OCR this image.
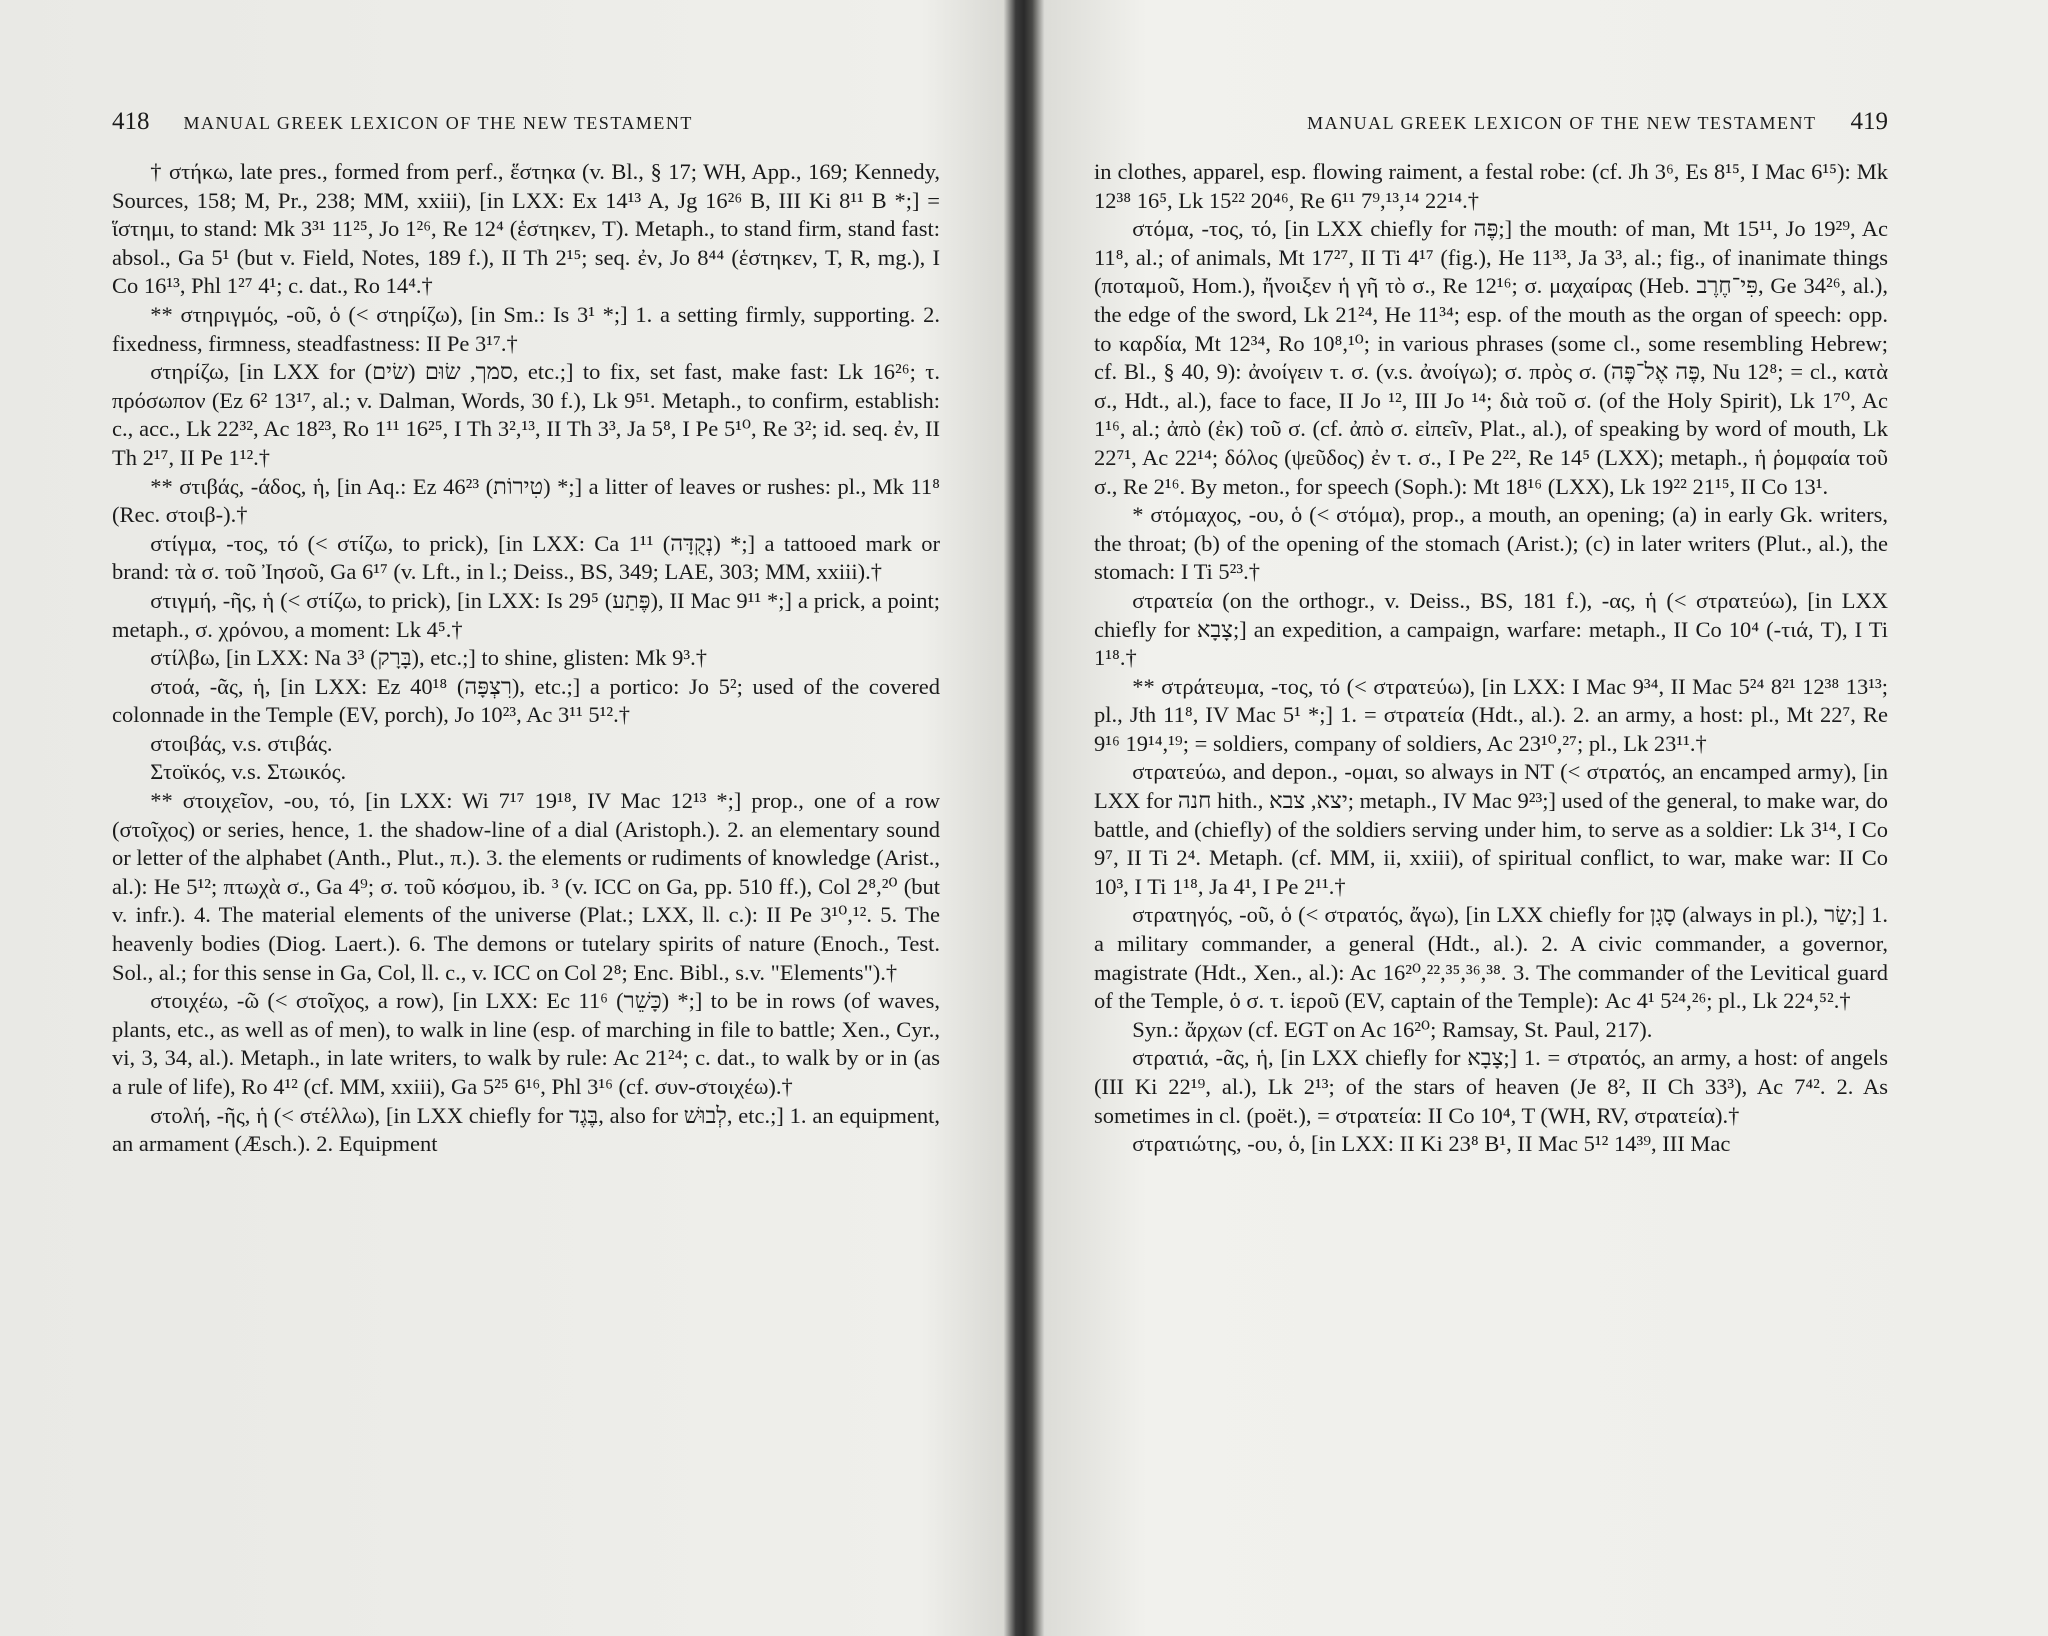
418 MANUAL GREEK LEXICON OF THE NEW TESTAMENT

† στήκω, late pres., formed from perf., ἕστηκα (v. Bl., § 17; WH, App., 169; Kennedy, Sources, 158; M, Pr., 238; MM, xxiii), [in LXX: Ex 14¹³ A, Jg 16²⁶ B, III Ki 8¹¹ B *;] = ἵστημι, to stand: Mk 3³¹ 11²⁵, Jo 1²⁶, Re 12⁴ (ἑστηκεν, T). Metaph., to stand firm, stand fast: absol., Ga 5¹ (but v. Field, Notes, 189 f.), II Th 2¹⁵; seq. ἐν, Jo 8⁴⁴ (ἑστηκεν, T, R, mg.), I Co 16¹³, Phl 1²⁷ 4¹; c. dat., Ro 14⁴.†

** στηριγμός, -οῦ, ὁ (< στηρίζω), [in Sm.: Is 3¹ *;] 1. a setting firmly, supporting. 2. fixedness, firmness, steadfastness: II Pe 3¹⁷.†

στηρίζω, [in LXX for סמך, שׂוּם (שׂים), etc.;] to fix, set fast, make fast: Lk 16²⁶; τ. πρόσωπον (Ez 6² 13¹⁷, al.; v. Dalman, Words, 30 f.), Lk 9⁵¹. Metaph., to confirm, establish: c., acc., Lk 22³², Ac 18²³, Ro 1¹¹ 16²⁵, I Th 3²,¹³, II Th 3³, Ja 5⁸, I Pe 5¹⁰, Re 3²; id. seq. ἐν, II Th 2¹⁷, II Pe 1¹².†

** στιβάς, -άδος, ἡ, [in Aq.: Ez 46²³ (טִירוֹת) *;] a litter of leaves or rushes: pl., Mk 11⁸ (Rec. στοιβ-).†

στίγμα, -τος, τό (< στίζω, to prick), [in LXX: Ca 1¹¹ (נְקֻדָּה) *;] a tattooed mark or brand: τὰ σ. τοῦ Ἰησοῦ, Ga 6¹⁷ (v. Lft., in l.; Deiss., BS, 349; LAE, 303; MM, xxiii).†

στιγμή, -ῆς, ἡ (< στίζω, to prick), [in LXX: Is 29⁵ (פֶּתַע), II Mac 9¹¹ *;] a prick, a point; metaph., σ. χρόνου, a moment: Lk 4⁵.†

στίλβω, [in LXX: Na 3³ (בָּרָק), etc.;] to shine, glisten: Mk 9³.†

στοά, -ᾶς, ἡ, [in LXX: Ez 40¹⁸ (רִצְפָּה), etc.;] a portico: Jo 5²; used of the covered colonnade in the Temple (EV, porch), Jo 10²³, Ac 3¹¹ 5¹².†

στοιβάς, v.s. στιβάς.

Στοϊκός, v.s. Στωικός.

** στοιχεῖον, -ου, τό, [in LXX: Wi 7¹⁷ 19¹⁸, IV Mac 12¹³ *;] prop., one of a row (στοῖχος) or series, hence, 1. the shadow-line of a dial (Aristoph.). 2. an elementary sound or letter of the alphabet (Anth., Plut., π.). 3. the elements or rudiments of knowledge (Arist., al.): He 5¹²; πτωχὰ σ., Ga 4⁹; σ. τοῦ κόσμου, ib. ³ (v. ICC on Ga, pp. 510 ff.), Col 2⁸,²⁰ (but v. infr.). 4. The material elements of the universe (Plat.; LXX, ll. c.): II Pe 3¹⁰,¹². 5. The heavenly bodies (Diog. Laert.). 6. The demons or tutelary spirits of nature (Enoch., Test. Sol., al.; for this sense in Ga, Col, ll. c., v. ICC on Col 2⁸; Enc. Bibl., s.v. "Elements").†

στοιχέω, -ῶ (< στοῖχος, a row), [in LXX: Ec 11⁶ (כָּשֵׁר) *;] to be in rows (of waves, plants, etc., as well as of men), to walk in line (esp. of marching in file to battle; Xen., Cyr., vi, 3, 34, al.). Metaph., in late writers, to walk by rule: Ac 21²⁴; c. dat., to walk by or in (as a rule of life), Ro 4¹² (cf. MM, xxiii), Ga 5²⁵ 6¹⁶, Phl 3¹⁶ (cf. συν-στοιχέω).†

στολή, -ῆς, ἡ (< στέλλω), [in LXX chiefly for בֶּגֶד, also for לְבוּשׁ, etc.;] 1. an equipment, an armament (Æsch.). 2. Equipment

MANUAL GREEK LEXICON OF THE NEW TESTAMENT 419

in clothes, apparel, esp. flowing raiment, a festal robe: (cf. Jh 3⁶, Es 8¹⁵, I Mac 6¹⁵): Mk 12³⁸ 16⁵, Lk 15²² 20⁴⁶, Re 6¹¹ 7⁹,¹³,¹⁴ 22¹⁴.†

στόμα, -τος, τό, [in LXX chiefly for פֶּה;] the mouth: of man, Mt 15¹¹, Jo 19²⁹, Ac 11⁸, al.; of animals, Mt 17²⁷, II Ti 4¹⁷ (fig.), He 11³³, Ja 3³, al.; fig., of inanimate things (ποταμοῦ, Hom.), ἤνοιξεν ἡ γῆ τὸ σ., Re 12¹⁶; σ. μαχαίρας (Heb. פִּי־חֶרֶב, Ge 34²⁶, al.), the edge of the sword, Lk 21²⁴, He 11³⁴; esp. of the mouth as the organ of speech: opp. to καρδία, Mt 12³⁴, Ro 10⁸,¹⁰; in various phrases (some cl., some resembling Hebrew; cf. Bl., § 40, 9): ἀνοίγειν τ. σ. (v.s. ἀνοίγω); σ. πρὸς σ. (פֶּה אֶל־פֶּה, Nu 12⁸; = cl., κατὰ σ., Hdt., al.), face to face, II Jo ¹², III Jo ¹⁴; διὰ τοῦ σ. (of the Holy Spirit), Lk 1⁷⁰, Ac 1¹⁶, al.; ἀπὸ (ἐκ) τοῦ σ. (cf. ἀπὸ σ. εἰπεῖν, Plat., al.), of speaking by word of mouth, Lk 22⁷¹, Ac 22¹⁴; δόλος (ψεῦδος) ἐν τ. σ., I Pe 2²², Re 14⁵ (LXX); metaph., ἡ ῥομφαία τοῦ σ., Re 2¹⁶. By meton., for speech (Soph.): Mt 18¹⁶ (LXX), Lk 19²² 21¹⁵, II Co 13¹.

* στόμαχος, -ου, ὁ (< στόμα), prop., a mouth, an opening; (a) in early Gk. writers, the throat; (b) of the opening of the stomach (Arist.); (c) in later writers (Plut., al.), the stomach: I Ti 5²³.†

στρατεία (on the orthogr., v. Deiss., BS, 181 f.), -ας, ἡ (< στρατεύω), [in LXX chiefly for צָבָא;] an expedition, a campaign, warfare: metaph., II Co 10⁴ (-τιά, T), I Ti 1¹⁸.†

** στράτευμα, -τος, τό (< στρατεύω), [in LXX: I Mac 9³⁴, II Mac 5²⁴ 8²¹ 12³⁸ 13¹³; pl., Jth 11⁸, IV Mac 5¹ *;] 1. = στρατεία (Hdt., al.). 2. an army, a host: pl., Mt 22⁷, Re 9¹⁶ 19¹⁴,¹⁹; = soldiers, company of soldiers, Ac 23¹⁰,²⁷; pl., Lk 23¹¹.†

στρατεύω, and depon., -ομαι, so always in NT (< στρατός, an encamped army), [in LXX for חנה hith., יצא, צבא; metaph., IV Mac 9²³;] used of the general, to make war, do battle, and (chiefly) of the soldiers serving under him, to serve as a soldier: Lk 3¹⁴, I Co 9⁷, II Ti 2⁴. Metaph. (cf. MM, ii, xxiii), of spiritual conflict, to war, make war: II Co 10³, I Ti 1¹⁸, Ja 4¹, I Pe 2¹¹.†

στρατηγός, -οῦ, ὁ (< στρατός, ἄγω), [in LXX chiefly for סָגָן (always in pl.), שַׂר;] 1. a military commander, a general (Hdt., al.). 2. A civic commander, a governor, magistrate (Hdt., Xen., al.): Ac 16²⁰,²²,³⁵,³⁶,³⁸. 3. The commander of the Levitical guard of the Temple, ὁ σ. τ. ἱεροῦ (EV, captain of the Temple): Ac 4¹ 5²⁴,²⁶; pl., Lk 22⁴,⁵².†

Syn.: ἄρχων (cf. EGT on Ac 16²⁰; Ramsay, St. Paul, 217).

στρατιά, -ᾶς, ἡ, [in LXX chiefly for צָבָא;] 1. = στρατός, an army, a host: of angels (III Ki 22¹⁹, al.), Lk 2¹³; of the stars of heaven (Je 8², II Ch 33³), Ac 7⁴². 2. As sometimes in cl. (poët.), = στρατεία: II Co 10⁴, T (WH, RV, στρατεία).†

στρατιώτης, -ου, ὁ, [in LXX: II Ki 23⁸ B¹, II Mac 5¹² 14³⁹, III Mac
